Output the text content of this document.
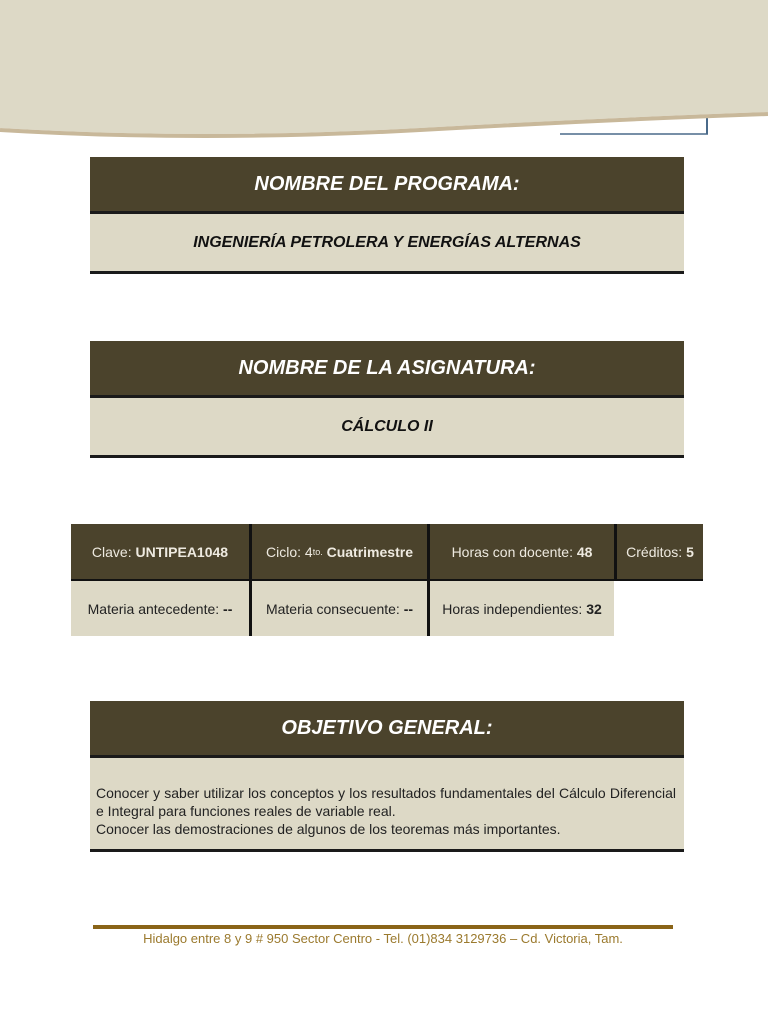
NOMBRE DEL PROGRAMA:
INGENIERÍA PETROLERA Y ENERGÍAS ALTERNAS
NOMBRE DE LA ASIGNATURA:
CÁLCULO II
Clave:
UNTIPEA1048	Ciclo: 4 to.
Cuatrimestre	Horas con docente:
48 Créditos:
5
Materia antecedente:
-- Materia consecuente:
-- Horas independientes:
32
OBJETIVO GENERAL:
Conocer y saber utilizar los conceptos y los resultados fundamentales del Cálculo Diferencial e Integral para funciones reales de variable real.
Conocer las demostraciones de algunos de los teoremas más importantes.
Hidalgo entre 8 y 9 # 950 Sector Centro - Tel. (01)834 3129736 – Cd. Victoria, Tam.
